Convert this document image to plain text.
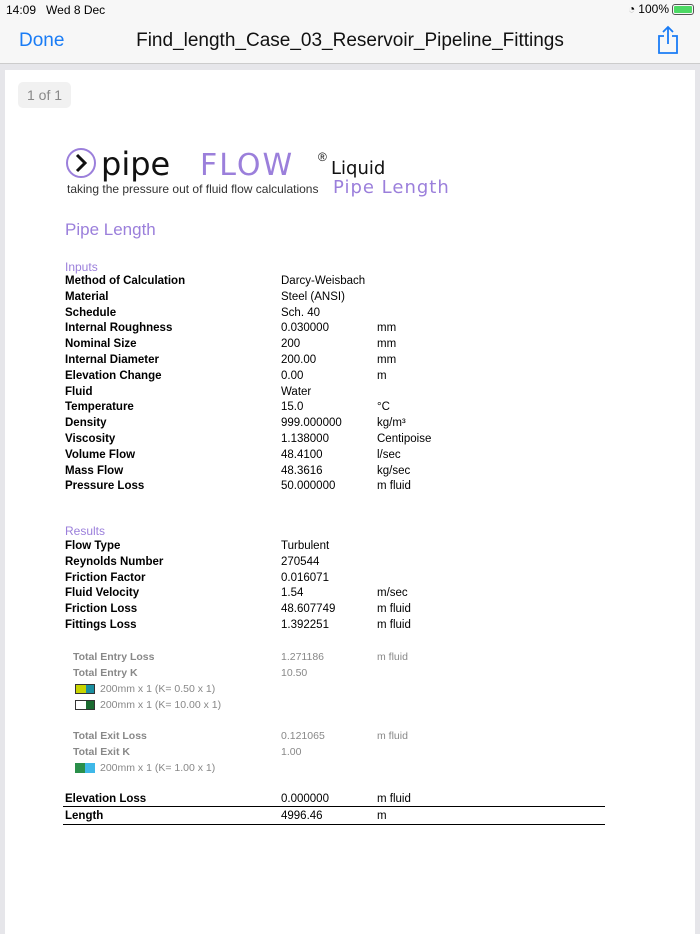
14:09 Wed 8 Dec	◔ 100%
Done	Find_length_Case_03_Reservoir_Pipeline_Fittings
1 of 1
pipe FLOW ®
Liquid
taking the pressure out of fluid flow calculations Pipe Length
Pipe Length
Inputs
Method of Calculation	Darcy-Weisbach
Material	Steel (ANSI)
Schedule	Sch. 40
Internal Roughness	0.030000	mm
Nominal Size	200	mm
Internal Diameter	200.00	mm
Elevation Change	0.00	m
Fluid	Water
Temperature	15.0	°C
Density	999.000000	kg/m³
Viscosity	1.138000	Centipoise
Volume Flow	48.4100	l/sec
Mass Flow	48.3616	kg/sec
Pressure Loss	50.000000	m fluid
Results
Flow Type	Turbulent
Reynolds Number	270544
Friction Factor	0.016071
Fluid Velocity	1.54	m/sec
Friction Loss	48.607749	m fluid
Fittings Loss	1.392251	m fluid
Total Entry Loss	1.271186	m fluid
Total Entry K	10.50
200mm x 1 (K= 0.50 x 1)
200mm x 1 (K= 10.00 x 1)
Total Exit Loss	0.121065	m fluid
Total Exit K	1.00
200mm x 1 (K= 1.00 x 1)
Elevation Loss	0.000000	m fluid
Length	4996.46	m
